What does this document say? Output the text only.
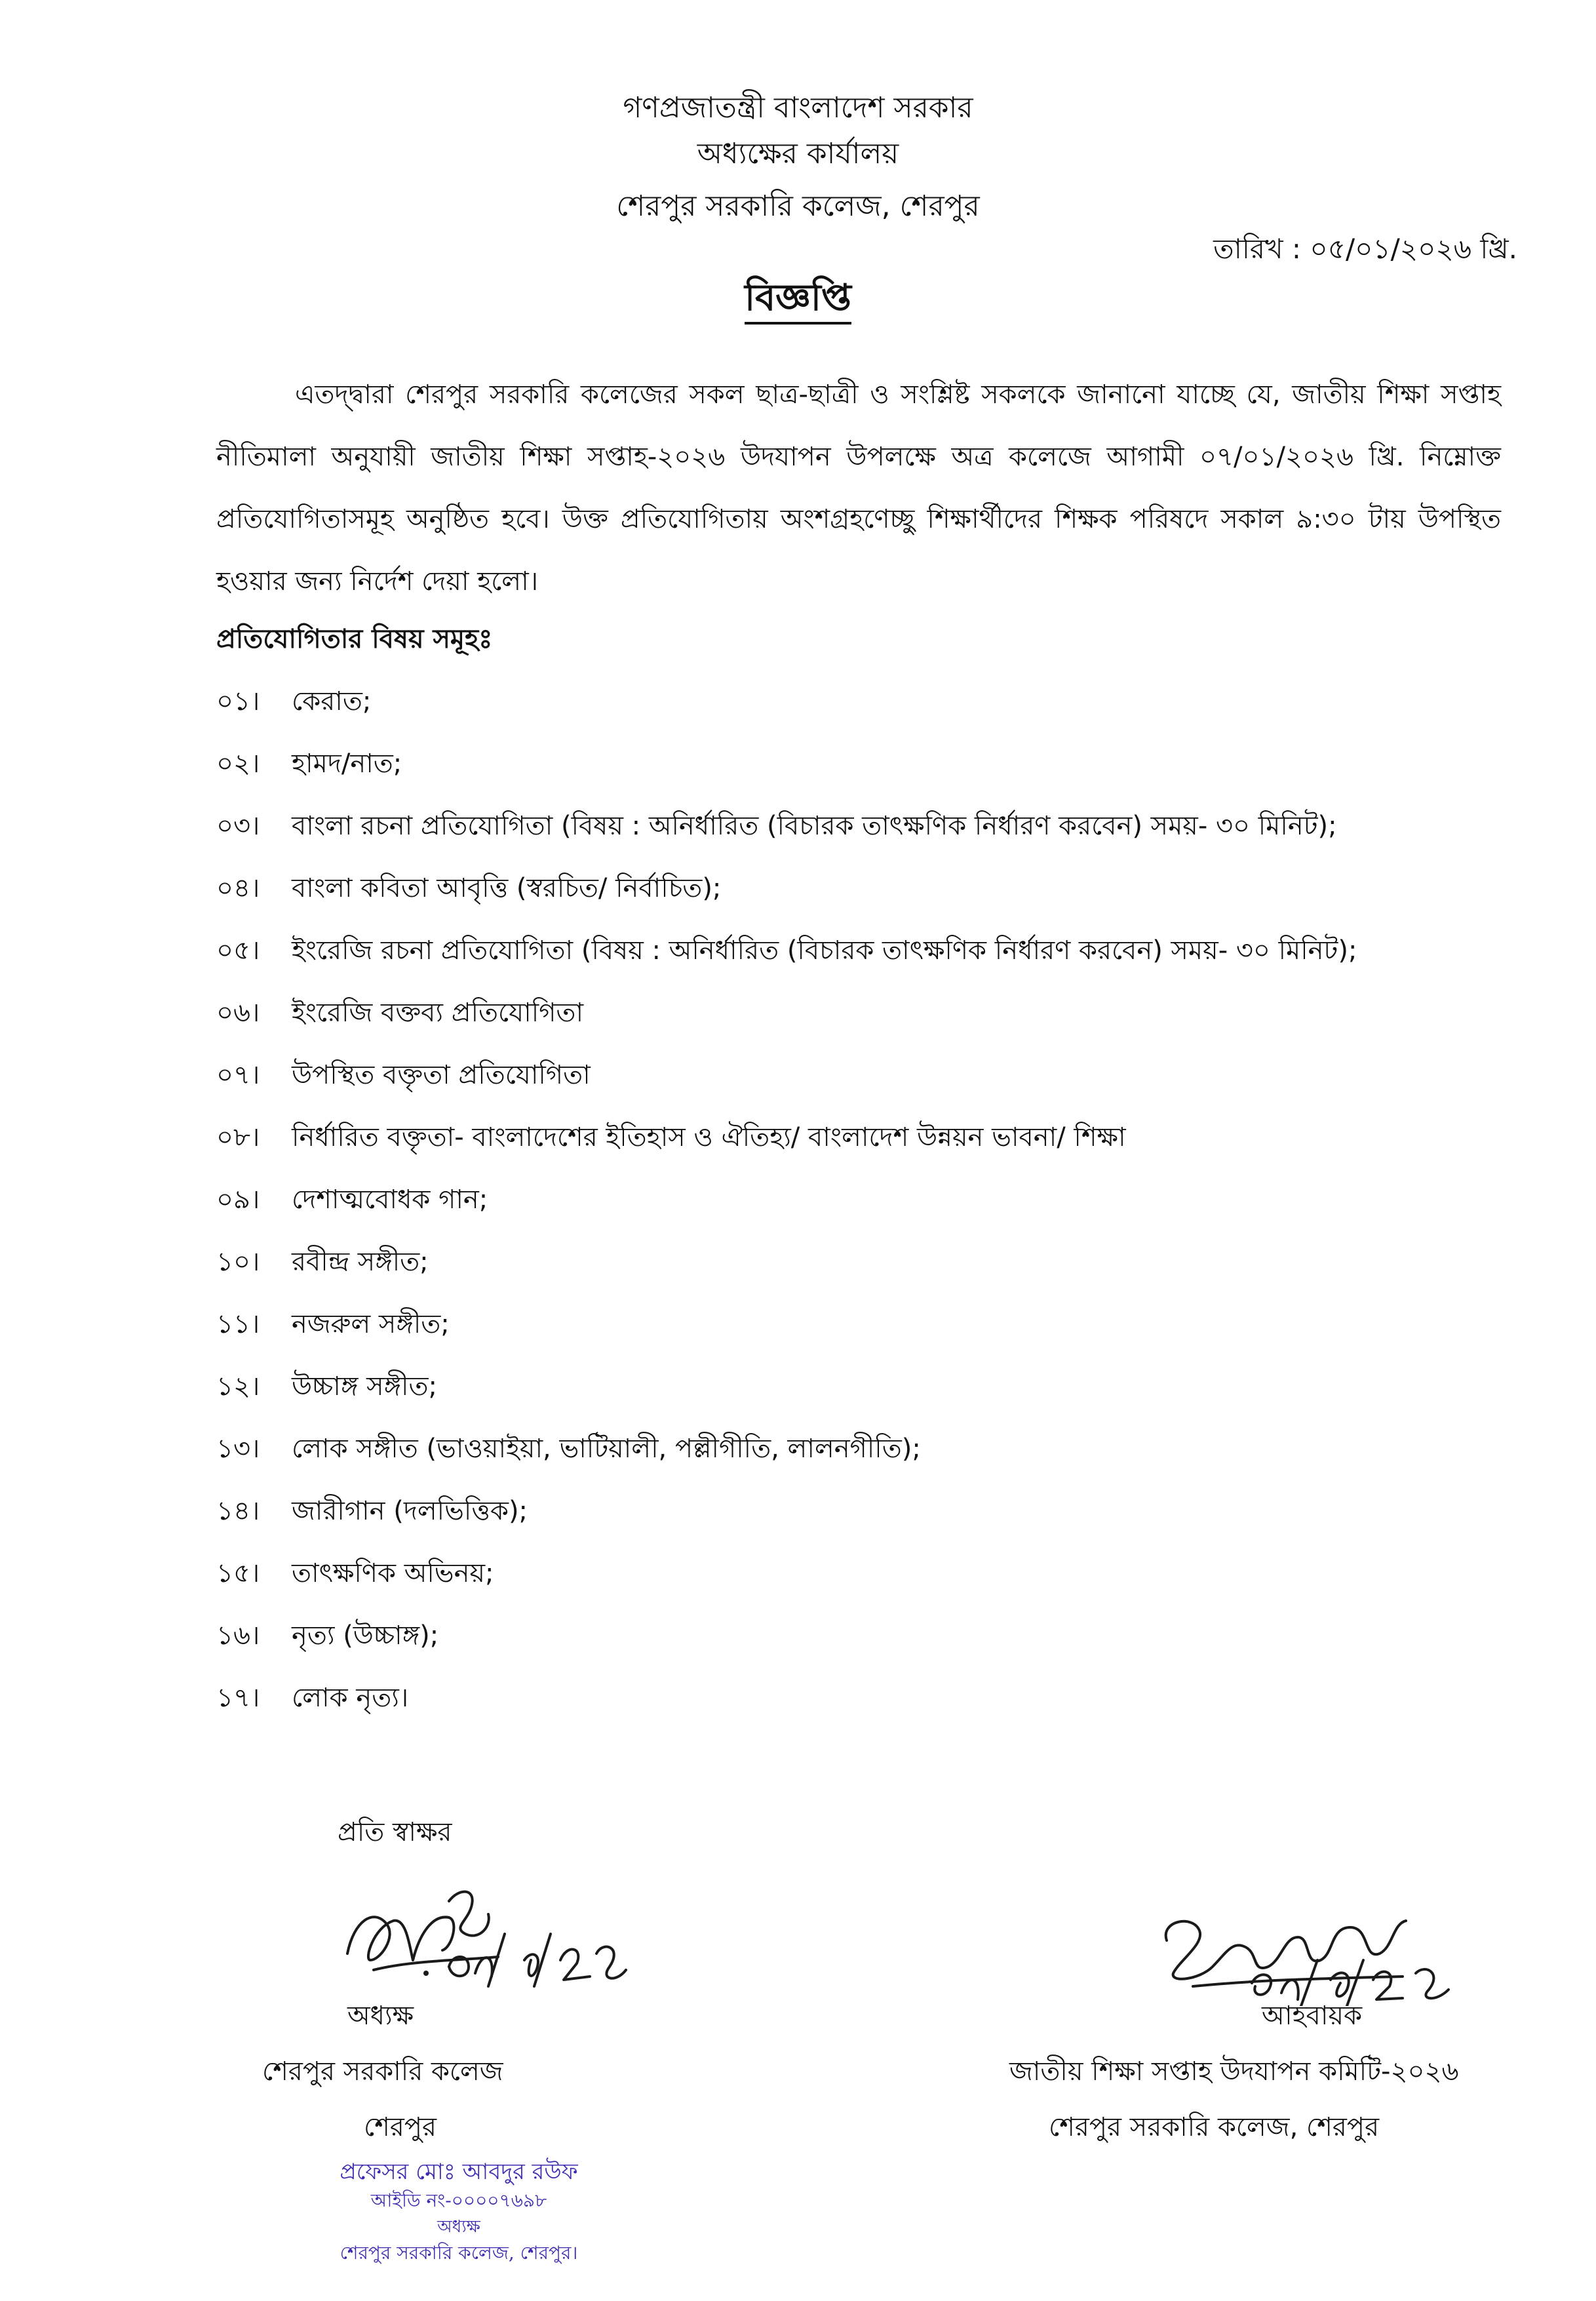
গণপ্রজাতন্ত্রী বাংলাদেশ সরকার
অধ্যক্ষের কার্যালয়
শেরপুর সরকারি কলেজ, শেরপুর
তারিখ : ০৫/০১/২০২৬ খ্রি.
বিজ্ঞপ্তি

এতদ্দ্বারা শেরপুর সরকারি কলেজের সকল ছাত্র-ছাত্রী ও সংশ্লিষ্ট সকলকে জানানো যাচ্ছে যে, জাতীয় শিক্ষা সপ্তাহ নীতিমালা অনুযায়ী জাতীয় শিক্ষা সপ্তাহ-২০২৬ উদযাপন উপলক্ষে অত্র কলেজে আগামী ০৭/০১/২০২৬ খ্রি. নিম্নোক্ত প্রতিযোগিতাসমূহ অনুষ্ঠিত হবে। উক্ত প্রতিযোগিতায় অংশগ্রহণেচ্ছু শিক্ষার্থীদের শিক্ষক পরিষদে সকাল ৯:৩০ টায় উপস্থিত হওয়ার জন্য নির্দেশ দেয়া হলো।

প্রতিযোগিতার বিষয় সমূহঃ
০১।	কেরাত;
০২।	হামদ/নাত;
০৩।	বাংলা রচনা প্রতিযোগিতা (বিষয় : অনির্ধারিত (বিচারক তাৎক্ষণিক নির্ধারণ করবেন) সময়- ৩০ মিনিট);
০৪।	বাংলা কবিতা আবৃত্তি (স্বরচিত/ নির্বাচিত);
০৫।	ইংরেজি রচনা প্রতিযোগিতা (বিষয় : অনির্ধারিত (বিচারক তাৎক্ষণিক নির্ধারণ করবেন) সময়- ৩০ মিনিট);
০৬।	ইংরেজি বক্তব্য প্রতিযোগিতা
০৭।	উপস্থিত বক্তৃতা প্রতিযোগিতা
০৮।	নির্ধারিত বক্তৃতা- বাংলাদেশের ইতিহাস ও ঐতিহ্য/ বাংলাদেশ উন্নয়ন ভাবনা/ শিক্ষা
০৯।	দেশাত্মবোধক গান;
১০।	রবীন্দ্র সঙ্গীত;
১১।	নজরুল সঙ্গীত;
১২।	উচ্চাঙ্গ সঙ্গীত;
১৩।	লোক সঙ্গীত (ভাওয়াইয়া, ভাটিয়ালী, পল্লীগীতি, লালনগীতি);
১৪।	জারীগান (দলভিত্তিক);
১৫।	তাৎক্ষণিক অভিনয়;
১৬।	নৃত্য (উচ্চাঙ্গ);
১৭।	লোক নৃত্য।
প্রতি স্বাক্ষর
অধ্যক্ষ
শেরপুর সরকারি কলেজ
শেরপুর
আহবায়ক
জাতীয় শিক্ষা সপ্তাহ উদযাপন কমিটি-২০২৬
শেরপুর সরকারি কলেজ, শেরপুর
প্রফেসর মোঃ আবদুর রউফ
আইডি নং-০০০০৭৬৯৮
অধ্যক্ষ
শেরপুর সরকারি কলেজ, শেরপুর।
